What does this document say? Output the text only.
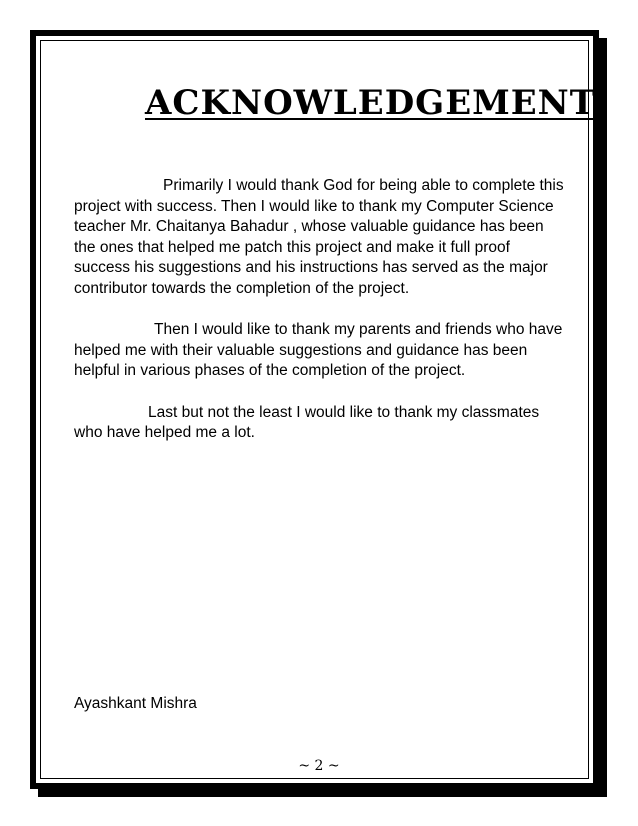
ACKNOWLEDGEMENT

Primarily I would thank God for being able to complete this project with success. Then I would like to thank my Computer Science teacher Mr. Chaitanya Bahadur , whose valuable guidance has been the ones that helped me patch this project and make it full proof success his suggestions and his instructions has served as the major contributor towards the completion of the project.

Then I would like to thank my parents and friends who have helped me with their valuable suggestions and guidance has been helpful in various phases of the completion of the project.

Last but not the least I would like to thank my classmates who have helped me a lot.

Ayashkant Mishra
~ 2 ~
